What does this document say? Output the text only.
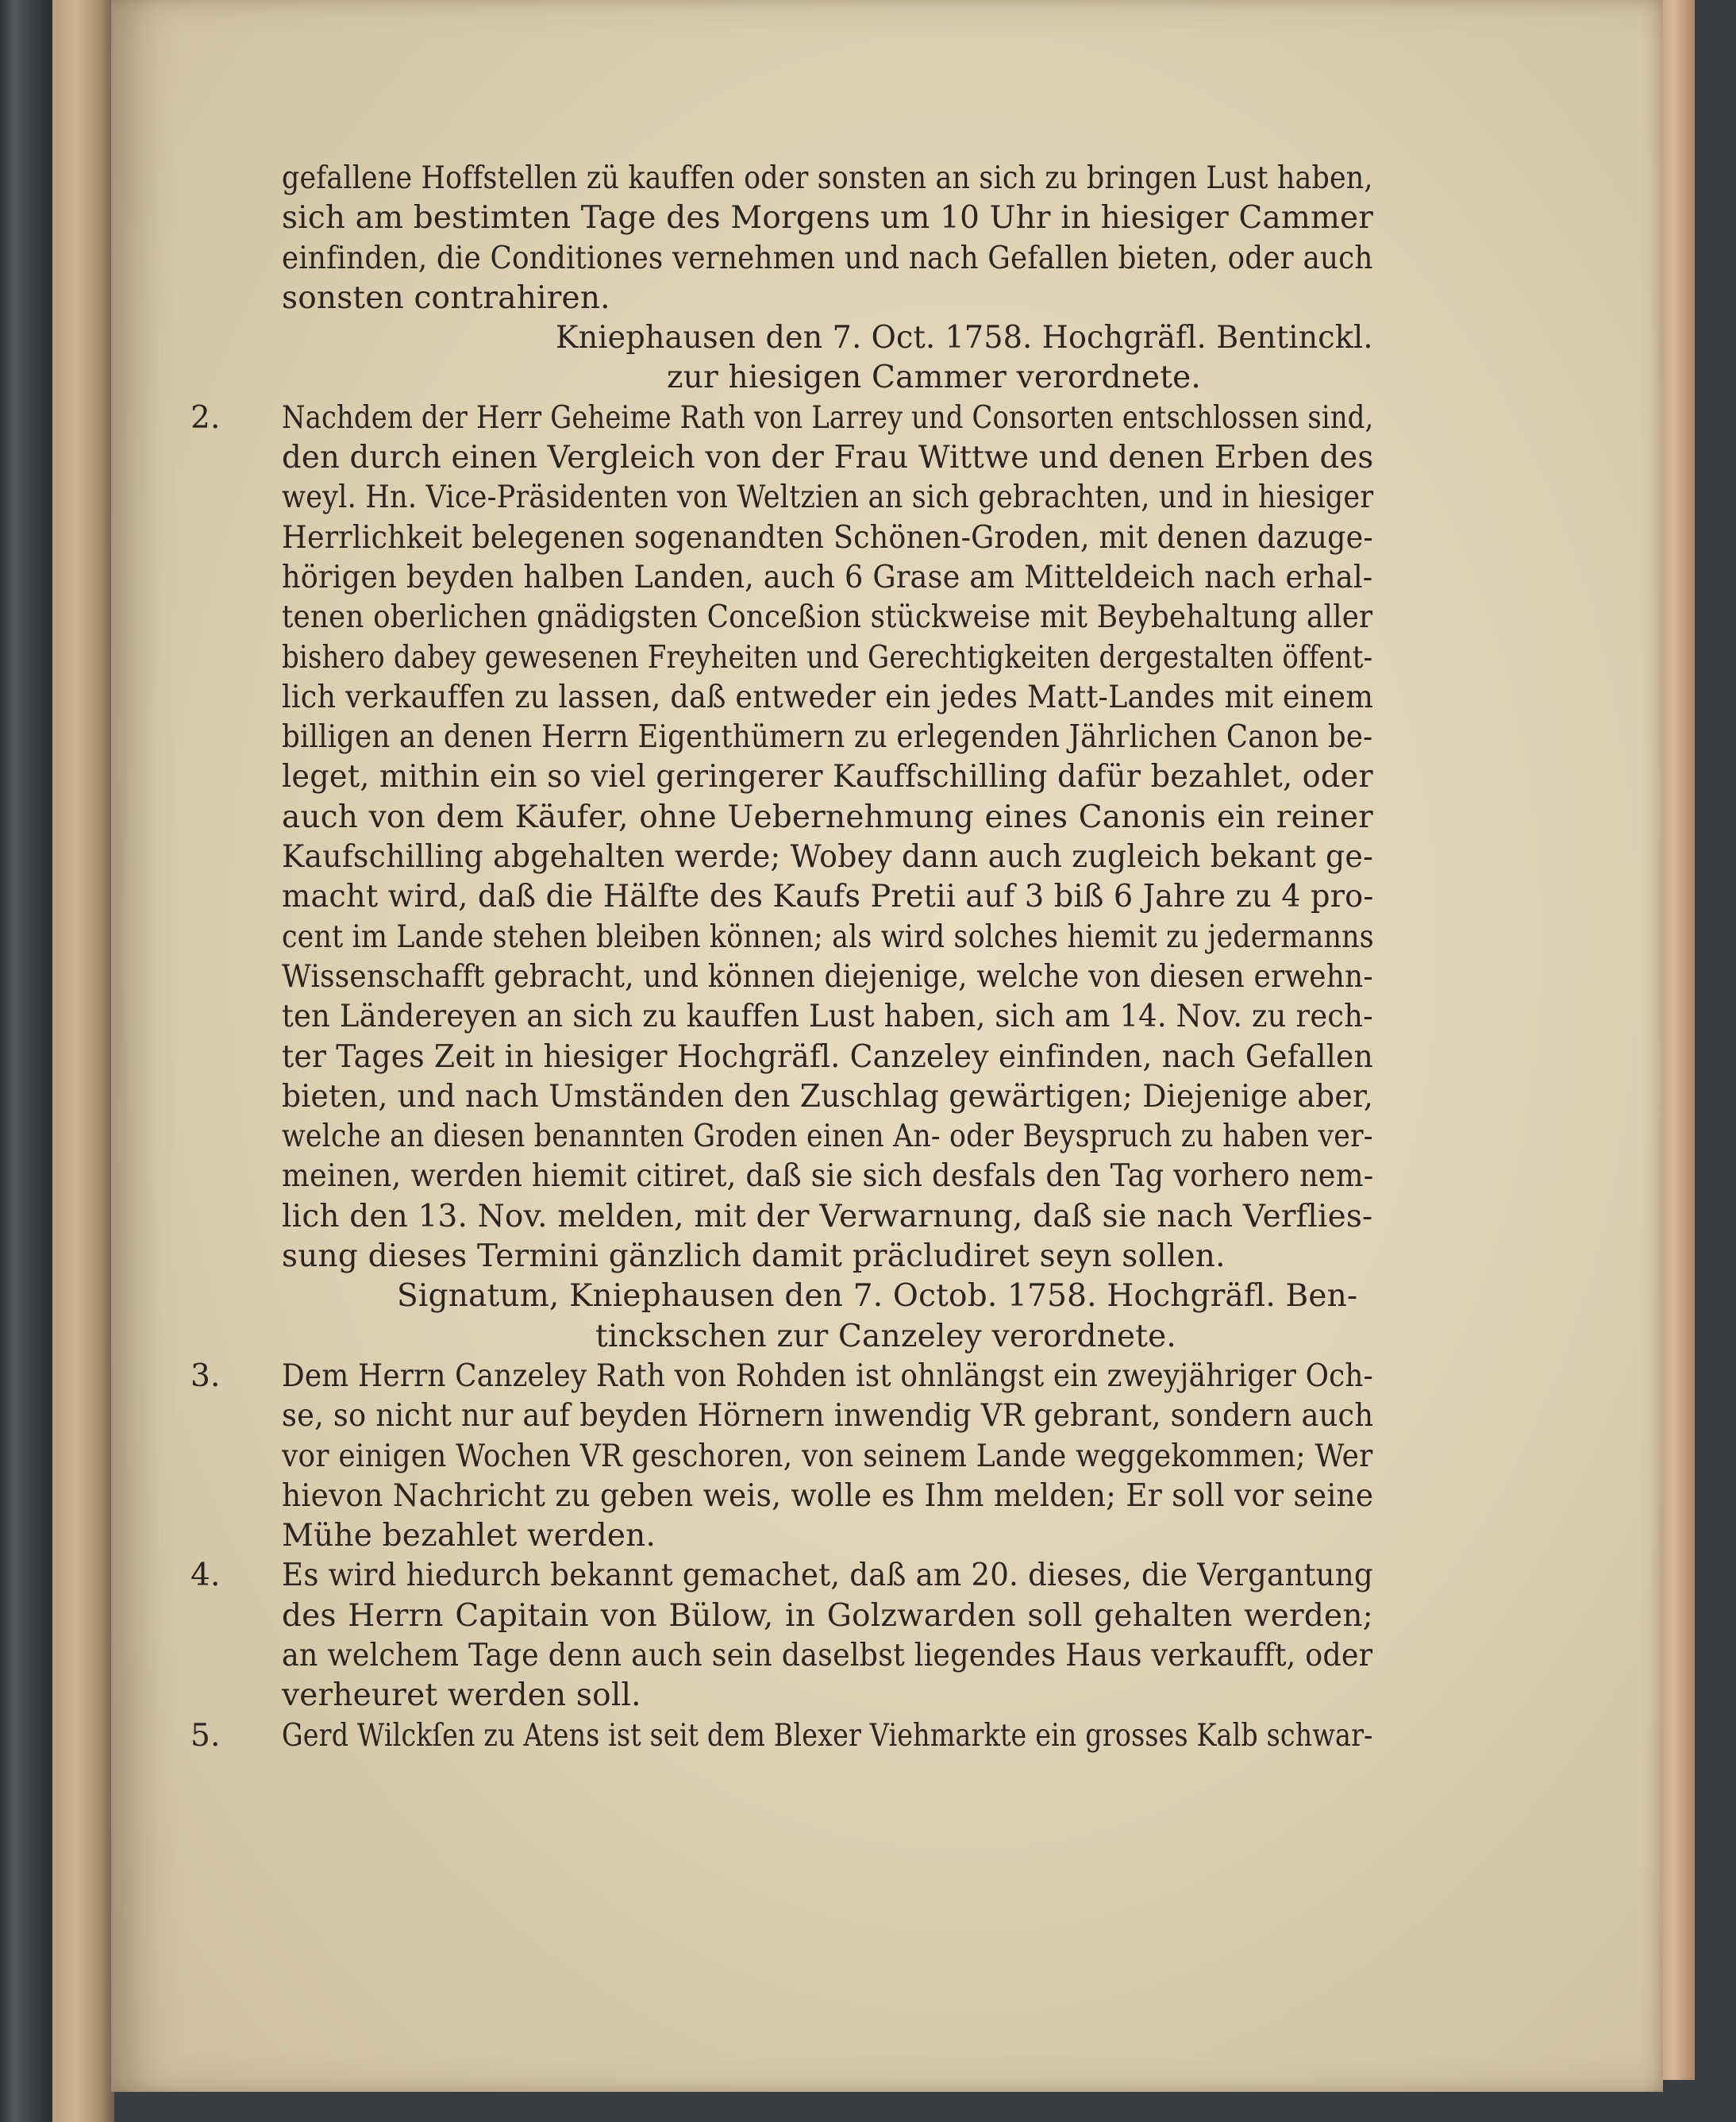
gefallene Hoffstellen zü kauffen oder sonsten an sich zu bringen Lust haben,
sich am bestimten Tage des Morgens um 10 Uhr in hiesiger Cammer
einfinden, die Conditiones vernehmen und nach Gefallen bieten, oder auch
sonsten contrahiren.
Kniephausen den 7. Oct. 1758. Hochgräfl. Bentinckl.
zur hiesigen Cammer verordnete.
2. Nachdem der Herr Geheime Rath von Larrey und Consorten entschlossen sind,
den durch einen Vergleich von der Frau Wittwe und denen Erben des
weyl. Hn. Vice-Präsidenten von Weltzien an sich gebrachten, und in hiesiger
Herrlichkeit belegenen sogenandten Schönen-Groden, mit denen dazuge-
hörigen beyden halben Landen, auch 6 Grase am Mitteldeich nach erhal-
tenen oberlichen gnädigsten Conceßion stückweise mit Beybehaltung aller
bishero dabey gewesenen Freyheiten und Gerechtigkeiten dergestalten öffent-
lich verkauffen zu lassen, daß entweder ein jedes Matt-Landes mit einem
billigen an denen Herrn Eigenthümern zu erlegenden Jährlichen Canon be-
leget, mithin ein so viel geringerer Kauffschilling dafür bezahlet, oder
auch von dem Käufer, ohne Uebernehmung eines Canonis ein reiner
Kaufschilling abgehalten werde; Wobey dann auch zugleich bekant ge-
macht wird, daß die Hälfte des Kaufs Pretii auf 3 biß 6 Jahre zu 4 pro-
cent im Lande stehen bleiben können; als wird solches hiemit zu jedermanns
Wissenschafft gebracht, und können diejenige, welche von diesen erwehn-
ten Ländereyen an sich zu kauffen Lust haben, sich am 14. Nov. zu rech-
ter Tages Zeit in hiesiger Hochgräfl. Canzeley einfinden, nach Gefallen
bieten, und nach Umständen den Zuschlag gewärtigen; Diejenige aber,
welche an diesen benannten Groden einen An- oder Beyspruch zu haben ver-
meinen, werden hiemit citiret, daß sie sich desfals den Tag vorhero nem-
lich den 13. Nov. melden, mit der Verwarnung, daß sie nach Verflies-
sung dieses Termini gänzlich damit präcludiret seyn sollen.
Signatum, Kniephausen den 7. Octob. 1758. Hochgräfl. Ben-
tinckschen zur Canzeley verordnete.
3. Dem Herrn Canzeley Rath von Rohden ist ohnlängst ein zweyjähriger Och-
se, so nicht nur auf beyden Hörnern inwendig VR gebrant, sondern auch
vor einigen Wochen VR geschoren, von seinem Lande weggekommen; Wer
hievon Nachricht zu geben weis, wolle es Ihm melden; Er soll vor seine
Mühe bezahlet werden.
4. Es wird hiedurch bekannt gemachet, daß am 20. dieses, die Vergantung
des Herrn Capitain von Bülow, in Golzwarden soll gehalten werden;
an welchem Tage denn auch sein daselbst liegendes Haus verkaufft, oder
verheuret werden soll.
5. Gerd Wilckſen zu Atens ist seit dem Blexer Viehmarkte ein grosses Kalb schwar-
